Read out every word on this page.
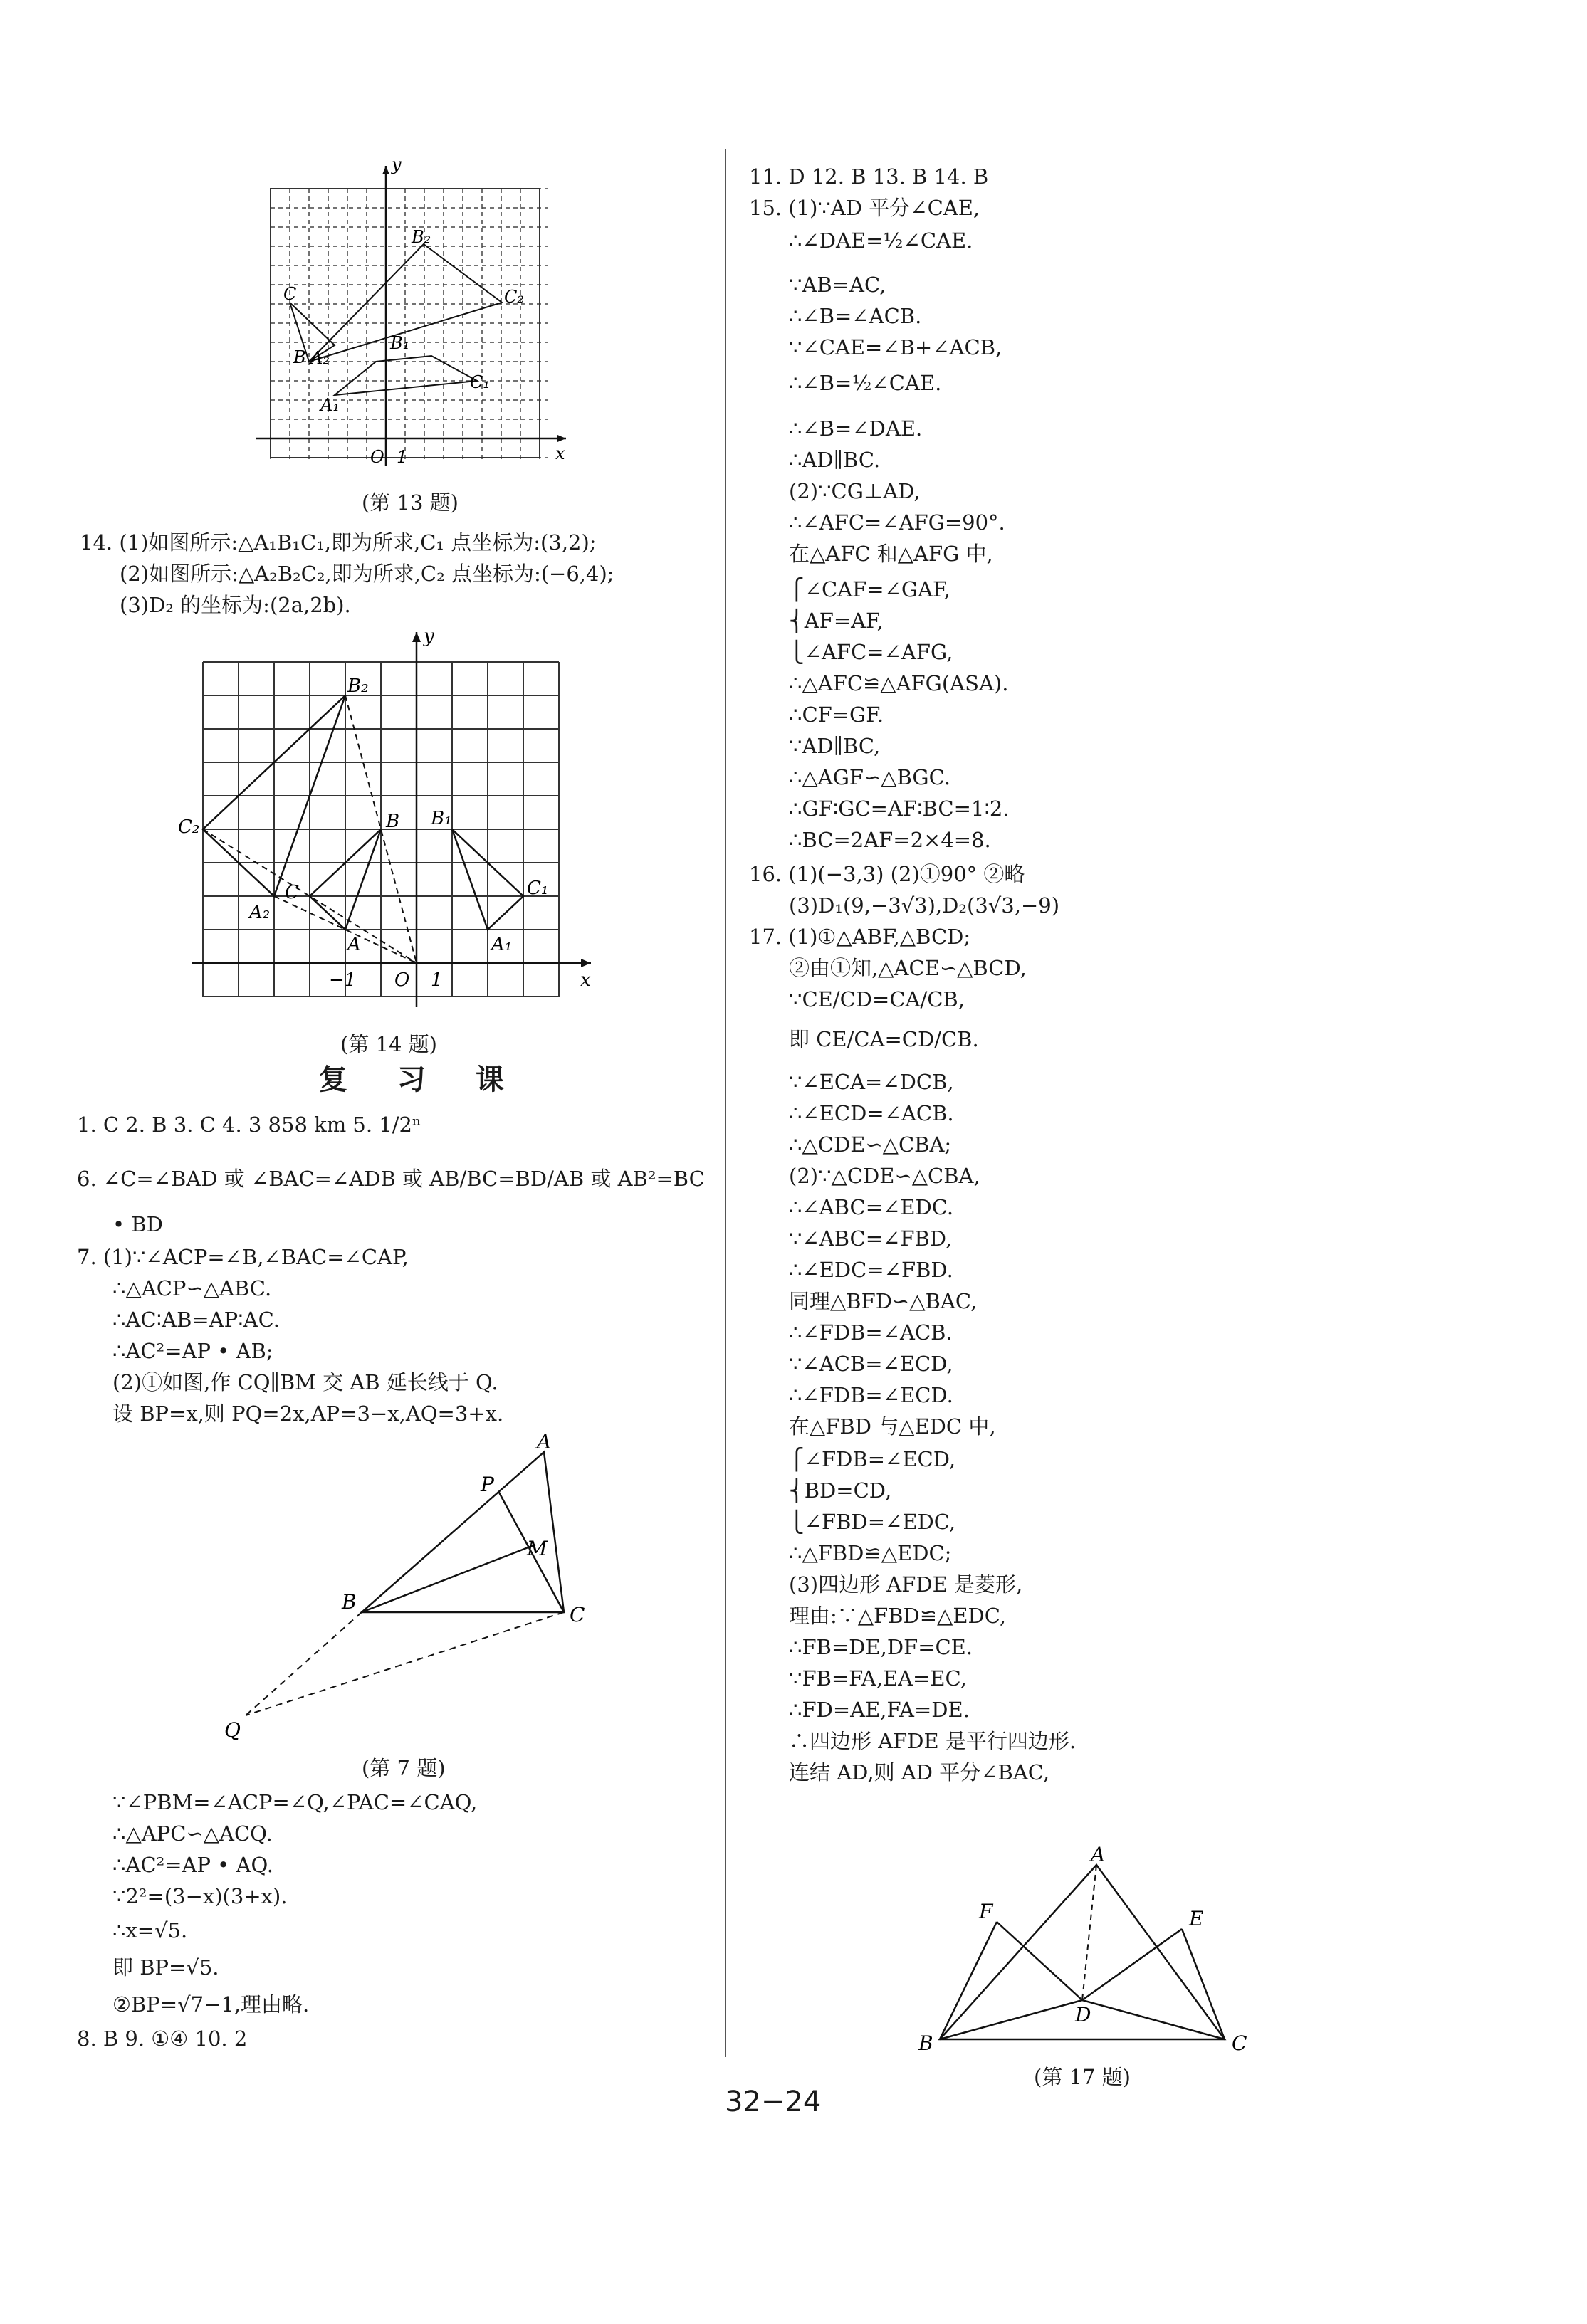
y
x
O 1
B₂
C	C₂
B₁
B A₂
C₁
A₁
(第 13 题)
14. (1)如图所示:△A₁B₁C₁,即为所求,C₁ 点坐标为:(3,2);
(2)如图所示:△A₂B₂C₂,即为所求,C₂ 点坐标为:(−6,4);
(3)D₂ 的坐标为:(2a,2b).
y
x
O 1
−1
B₂
C₂	B B₁
C₁
C
A₂
A	A₁
(第 14 题)
复 习 课
1. C 2. B 3. C 4. 3 858 km 5. 1/2ⁿ
6. ∠C=∠BAD 或 ∠BAC=∠ADB 或 AB/BC=BD/AB 或 AB²=BC
• BD
7. (1)∵∠ACP=∠B,∠BAC=∠CAP,
∴△ACP∽△ABC.
∴AC∶AB=AP∶AC.
∴AC²=AP • AB;
(2)①如图,作 CQ∥BM 交 AB 延长线于 Q.
设 BP=x,则 PQ=2x,AP=3−x,AQ=3+x.
A
P
M
B
C
Q
(第 7 题)
∵∠PBM=∠ACP=∠Q,∠PAC=∠CAQ,
∴△APC∽△ACQ.
∴AC²=AP • AQ.
∵2²=(3−x)(3+x).
∴x=√5.
即 BP=√5.
②BP=√7−1,理由略.
8. B 9. ①④ 10. 2
A
F	E
D
B	C
(第 17 题)
32−24
11. D 12. B 13. B 14. B
15. (1)∵AD 平分∠CAE,
∴∠DAE=½∠CAE.
∵AB=AC,
∴∠B=∠ACB.
∵∠CAE=∠B+∠ACB,
∴∠B=½∠CAE.
∴∠B=∠DAE.
∴AD∥BC.
(2)∵CG⊥AD,
∴∠AFC=∠AFG=90°.
在△AFC 和△AFG 中,
⎧∠CAF=∠GAF,
⎨AF=AF,
⎩∠AFC=∠AFG,
∴△AFC≌△AFG(ASA).
∴CF=GF.
∵AD∥BC,
∴△AGF∽△BGC.
∴GF∶GC=AF∶BC=1∶2.
∴BC=2AF=2×4=8.
16. (1)(−3,3) (2)①90° ②略
(3)D₁(9,−3√3),D₂(3√3,−9)
17. (1)①△ABF,△BCD;
②由①知,△ACE∽△BCD,
∵CE/CD=CA/CB,
即 CE/CA=CD/CB.
∵∠ECA=∠DCB,
∴∠ECD=∠ACB.
∴△CDE∽△CBA;
(2)∵△CDE∽△CBA,
∴∠ABC=∠EDC.
∵∠ABC=∠FBD,
∴∠EDC=∠FBD.
同理△BFD∽△BAC,
∴∠FDB=∠ACB.
∵∠ACB=∠ECD,
∴∠FDB=∠ECD.
在△FBD 与△EDC 中,
⎧∠FDB=∠ECD,
⎨BD=CD,
⎩∠FBD=∠EDC,
∴△FBD≌△EDC;
(3)四边形 AFDE 是菱形,
理由:∵△FBD≌△EDC,
∴FB=DE,DF=CE.
∵FB=FA,EA=EC,
∴FD=AE,FA=DE.
∴四边形 AFDE 是平行四边形.
连结 AD,则 AD 平分∠BAC,
